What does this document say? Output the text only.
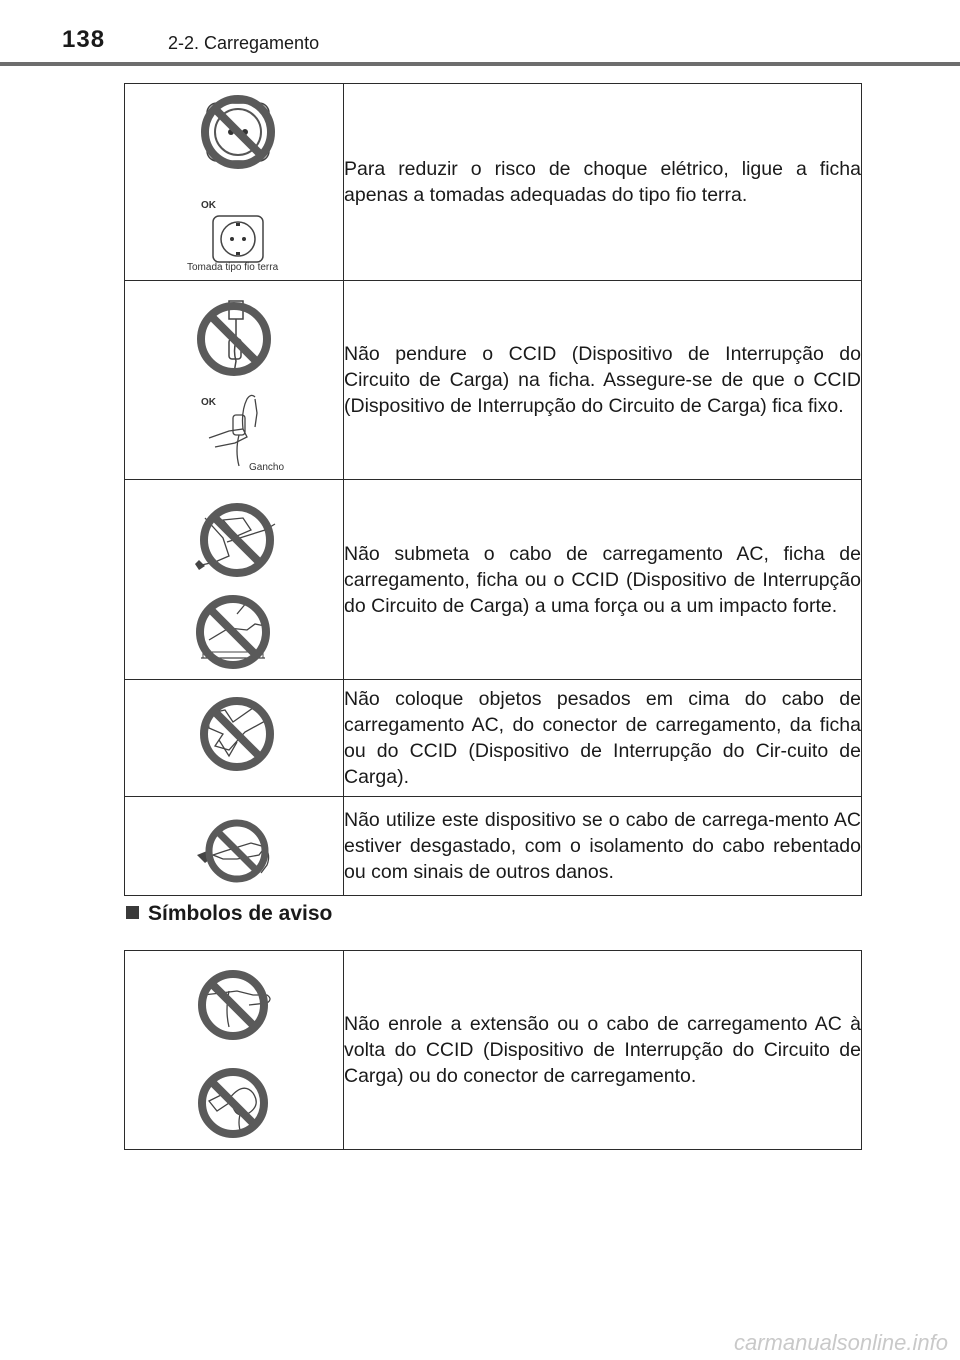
138	2-2. Carregamento
OK
Tomada tipo fio terra	Para reduzir o risco de choque elétrico, ligue a ficha apenas a tomadas adequadas do tipo fio terra.

OK
Gancho	Não pendure o CCID (Dispositivo de Interrupção do Circuito de Carga) na ficha. Assegure-se de que o CCID (Dispositivo de Interrupção do Circuito de Carga) fica fixo.

	Não submeta o cabo de carregamento AC, ficha de carregamento, ficha ou o CCID (Dispositivo de Interrupção do Circuito de Carga) a uma força ou a um impacto forte.

	Não coloque objetos pesados em cima do cabo de carregamento AC, do conector de carregamento, da ficha ou do CCID (Dispositivo de Interrupção do Cir-cuito de Carga).

	Não utilize este dispositivo se o cabo de carrega-mento AC estiver desgastado, com o isolamento do cabo rebentado ou com sinais de outros danos.
Símbolos de aviso
	Não enrole a extensão ou o cabo de carregamento AC à volta do CCID (Dispositivo de Interrupção do Circuito de Carga) ou do conector de carregamento.
carmanualsonline.info
